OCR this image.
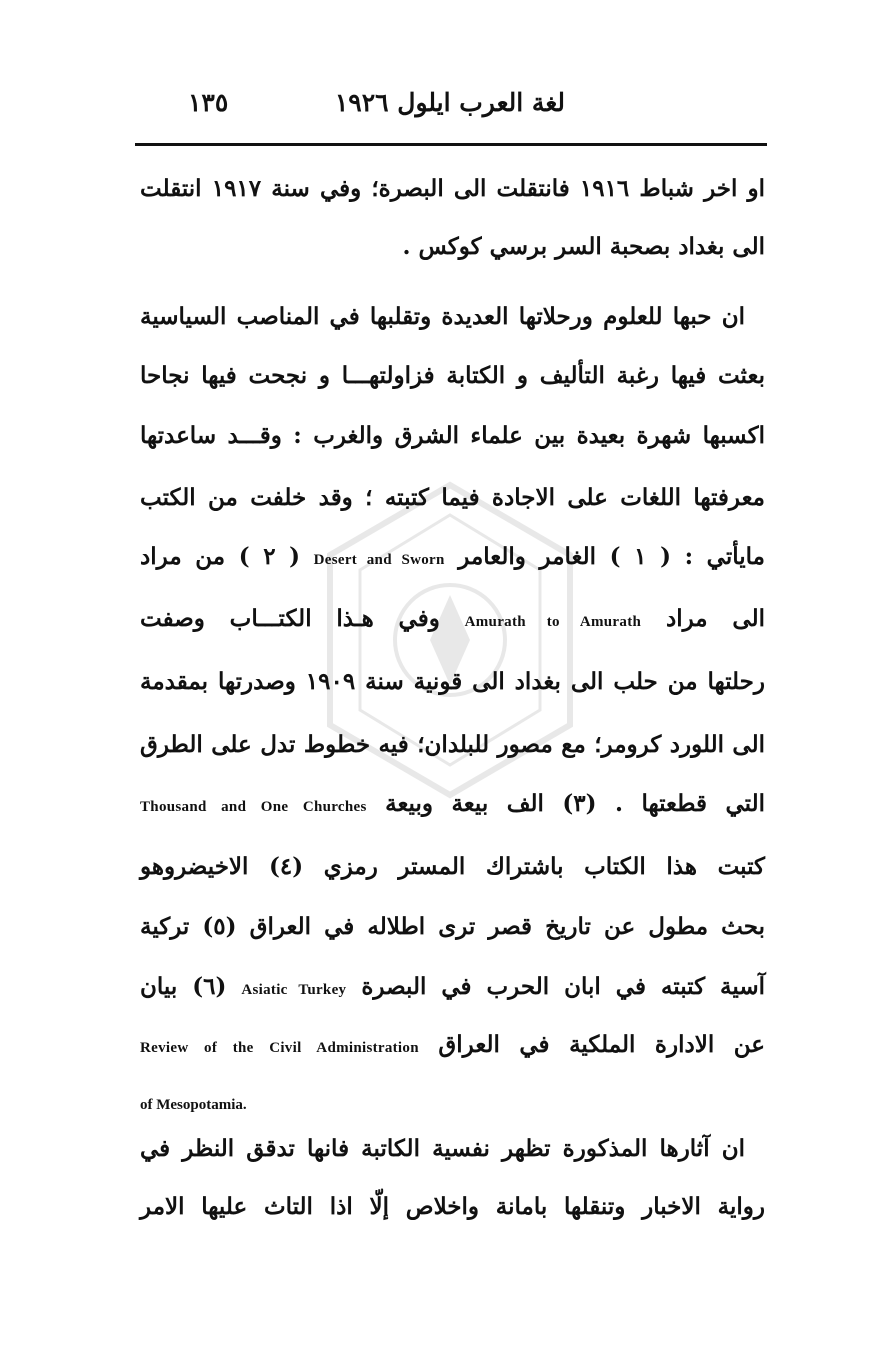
لغة العرب ايلول ١٩٢٦
١٣٥
او اخر شباط ١٩١٦ فانتقلت الى البصرة؛ وفي سنة ١٩١٧ انتقلت
الى بغداد بصحبة السر برسي كوكس .
ان حبها للعلوم ورحلاتها العديدة وتقلبها في المناصب السياسية
بعثت فيها رغبة التأليف و الكتابة فزاولتهـــا و نجحت فيها نجاحا
اكسبها شهرة بعيدة بين علماء الشرق والغرب : وقـــد ساعدتها
معرفتها اللغات على الاجادة فيما كتبته ؛ وقد خلفت من الكتب
مايأتي : ( ١ ) الغامر والعامر Desert and Sworn ( ٢ ) من مراد
الى مراد Amurath to Amurath وفي هـذا الكتـــاب وصفت
رحلتها من حلب الى بغداد الى قونية سنة ١٩٠٩ وصدرتها بمقدمة
الى اللورد كرومر؛ مع مصور للبلدان؛ فيه خطوط تدل على الطرق
التي قطعتها . (٣) الف بيعة وبيعة Thousand and One Churches
كتبت هذا الكتاب باشتراك المستر رمزي (٤) الاخيضروهو
بحث مطول عن تاريخ قصر ترى اطلاله في العراق (٥) تركية
آسية كتبته في ابان الحرب في البصرة Asiatic Turkey (٦) بيان
عن الادارة الملكية في العراق Review of the Civil Administration
of Mesopotamia.
ان آثارها المذكورة تظهر نفسية الكاتبة فانها تدقق النظر في
رواية الاخبار وتنقلها بامانة واخلاص إلّا اذا التاث عليها الامر
